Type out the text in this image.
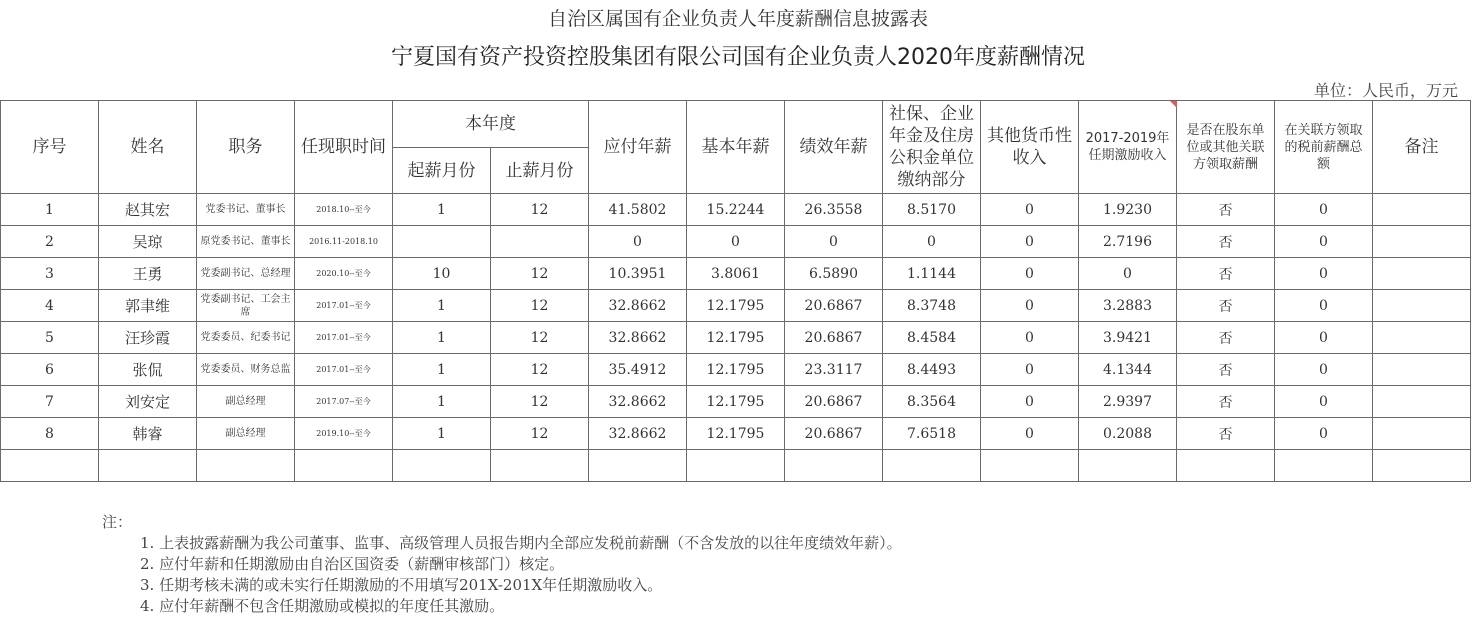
自治区属国有企业负责人年度薪酬信息披露表
宁夏国有资产投资控股集团有限公司国有企业负责人2020年度薪酬情况
单位：人民币，万元
序号	姓名	职务	任现职时间	本年度		应付年薪	基本年薪	绩效年薪	社保、企业年金及住房公积金单位缴纳部分	其他货币性收入	2017-2019年任期激励收入	是否在股东单位或其他关联方领取薪酬	在关联方领取的税前薪酬总额	备注
				起薪月份	止薪月份									
1	赵其宏	党委书记、董事长	2018.10--至今	1	12	41.5802	15.2244	26.3558	8.5170	0	1.9230	否	0	
2	吴琼	原党委书记、董事长	2016.11-2018.10			0	0	0	0	0	2.7196	否	0	
3	王勇	党委副书记、总经理	2020.10--至今	10	12	10.3951	3.8061	6.5890	1.1144	0	0	否	0	
4	郭聿维	党委副书记、工会主席	2017.01--至今	1	12	32.8662	12.1795	20.6867	8.3748	0	3.2883	否	0	
5	汪珍霞	党委委员、纪委书记	2017.01--至今	1	12	32.8662	12.1795	20.6867	8.4584	0	3.9421	否	0	
6	张侃	党委委员、财务总监	2017.01--至今	1	12	35.4912	12.1795	23.3117	8.4493	0	4.1344	否	0	
7	刘安定	副总经理	2017.07--至今	1	12	32.8662	12.1795	20.6867	8.3564	0	2.9397	否	0	
8	韩睿	副总经理	2019.10--至今	1	12	32.8662	12.1795	20.6867	7.6518	0	0.2088	否	0	

注：
1. 上表披露薪酬为我公司董事、监事、高级管理人员报告期内全部应发税前薪酬（不含发放的以往年度绩效年薪）。
2. 应付年薪和任期激励由自治区国资委（薪酬审核部门）核定。
3. 任期考核未满的或未实行任期激励的不用填写201X-201X年任期激励收入。
4. 应付年薪酬不包含任期激励或模拟的年度任其激励。
